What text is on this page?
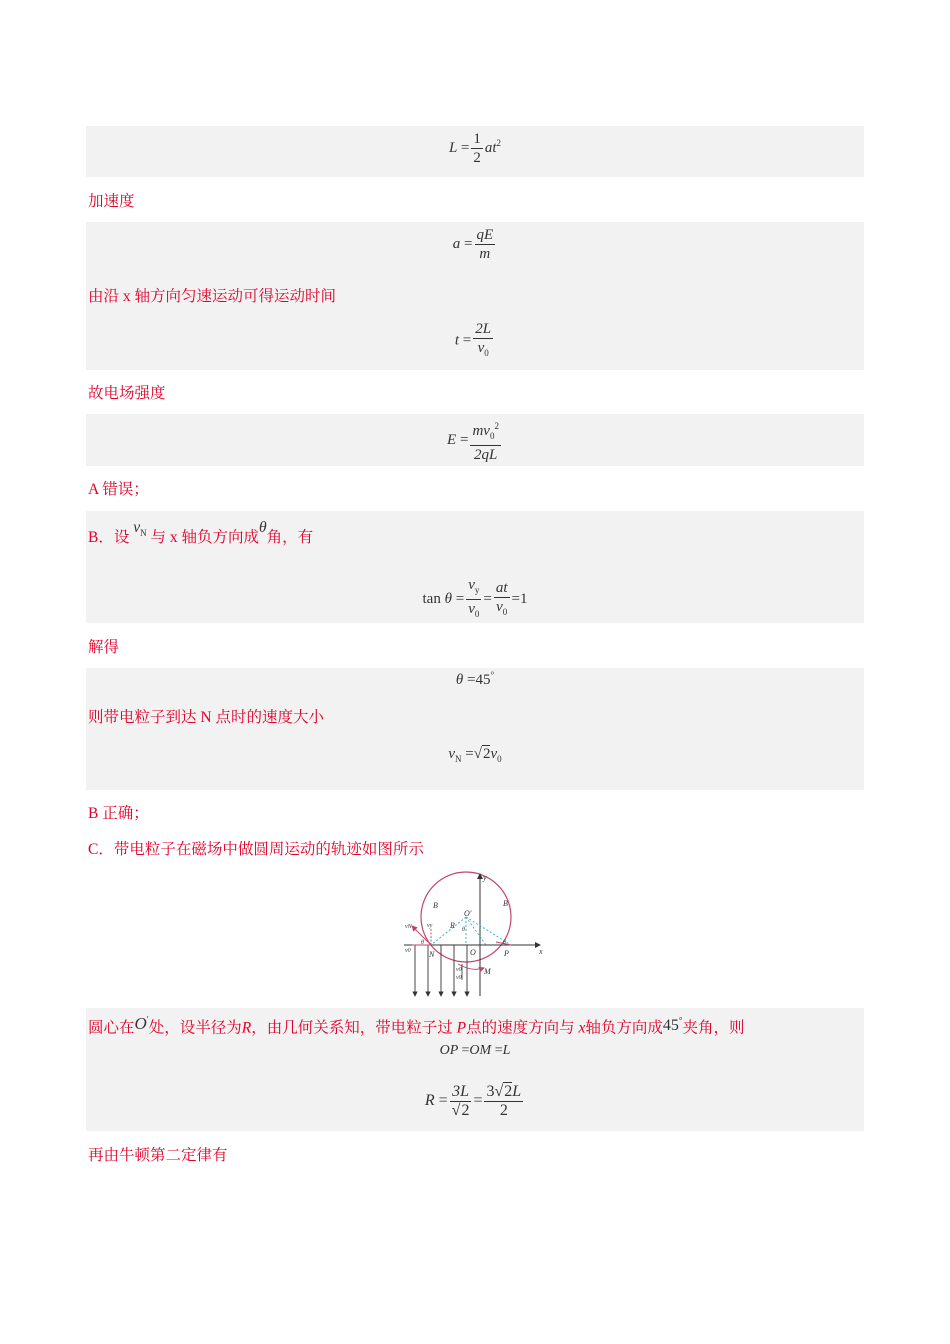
$L = \frac{1}{2} at^2$
加速度
$a = \frac{qE}{m}$
由沿 x 轴方向匀速运动可得运动时间
$t = \frac{2L}{v_0}$
故电场强度
$E = \frac{mv_0^2}{2qL}$
A 错误；
B．设 $v_N$ 与 x 轴负方向成θ角，有
$\tan \theta = \frac{v_y}{v_0} = \frac{at}{v_0} =1$
解得
θ =45°
则带电粒子到达 N 点时的速度大小
$v_N =√2v_0$
B 正确；
C．带电粒子在磁场中做圆周运动的轨迹如图所示
y
x
B	B
O′
R θ
θ	θ
O
N	P
M
vN	vy
v0
v0
v0
圆心在O′处，设半径为R，由几何关系知，带电粒子过 P点的速度方向与 x轴负方向成45°夹角，则
OP =OM =L
$R = \frac{3L}{√2} = \frac{3√2L}{2}$
再由牛顿第二定律有
